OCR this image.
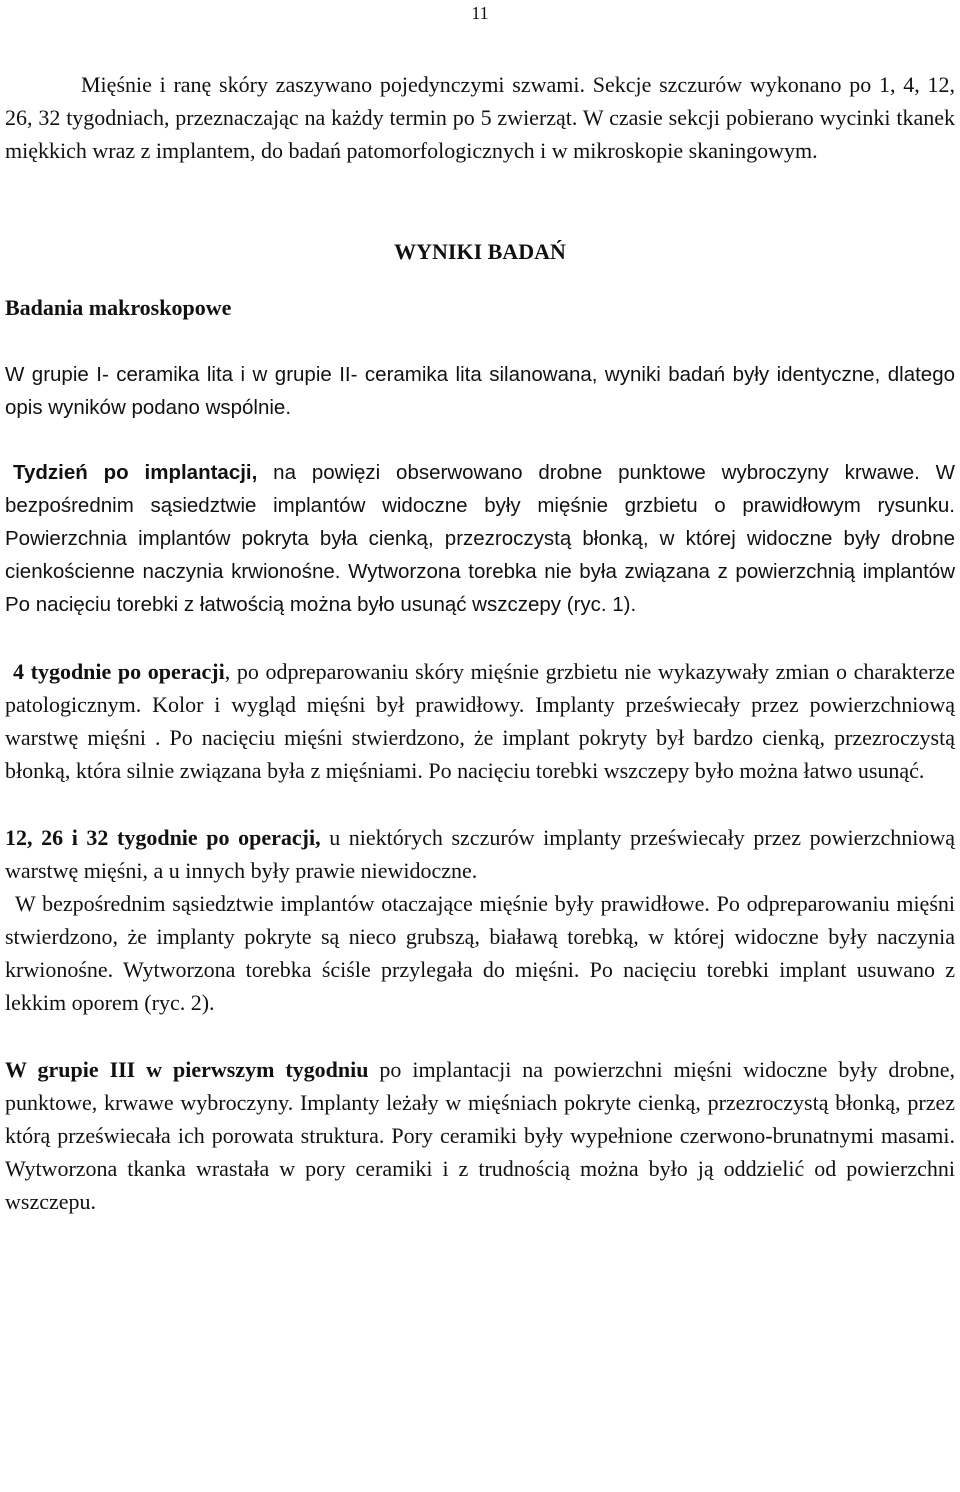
11

Mięśnie i ranę skóry zaszywano pojedynczymi szwami. Sekcje szczurów wykonano po 1, 4, 12, 26, 32 tygodniach, przeznaczając na każdy termin po 5 zwierząt. W czasie sekcji pobierano wycinki tkanek miękkich wraz z implantem, do badań patomorfologicznych i w mikroskopie skaningowym.

WYNIKI BADAŃ

Badania makroskopowe

W grupie I- ceramika lita i w grupie II- ceramika lita silanowana, wyniki badań były identyczne, dlatego opis wyników podano wspólnie.

Tydzień po implantacji, na powięzi obserwowano drobne punktowe wybroczyny krwawe. W bezpośrednim sąsiedztwie implantów widoczne były mięśnie grzbietu o prawidłowym rysunku. Powierzchnia implantów pokryta była cienką, przezroczystą błonką, w której widoczne były drobne cienkościenne naczynia krwionośne. Wytworzona torebka nie była związana z powierzchnią implantów Po nacięciu torebki z łatwością można było usunąć wszczepy (ryc. 1).

4 tygodnie po operacji, po odpreparowaniu skóry mięśnie grzbietu nie wykazywały zmian o charakterze patologicznym. Kolor i wygląd mięśni był prawidłowy. Implanty przeświecały przez powierzchniową warstwę mięśni . Po nacięciu mięśni stwierdzono, że implant pokryty był bardzo cienką, przezroczystą błonką, która silnie związana była z mięśniami. Po nacięciu torebki wszczepy było można łatwo usunąć.

12, 26 i 32 tygodnie po operacji, u niektórych szczurów implanty przeświecały przez powierzchniową warstwę mięśni, a u innych były prawie niewidoczne.

W bezpośrednim sąsiedztwie implantów otaczające mięśnie były prawidłowe. Po odpreparowaniu mięśni stwierdzono, że implanty pokryte są nieco grubszą, białawą torebką, w której widoczne były naczynia krwionośne. Wytworzona torebka ściśle przylegała do mięśni. Po nacięciu torebki implant usuwano z lekkim oporem (ryc. 2).

W grupie III w pierwszym tygodniu po implantacji na powierzchni mięśni widoczne były drobne, punktowe, krwawe wybroczyny. Implanty leżały w mięśniach pokryte cienką, przezroczystą błonką, przez którą przeświecała ich porowata struktura. Pory ceramiki były wypełnione czerwono-brunatnymi masami. Wytworzona tkanka wrastała w pory ceramiki i z trudnością można było ją oddzielić od powierzchni wszczepu.
